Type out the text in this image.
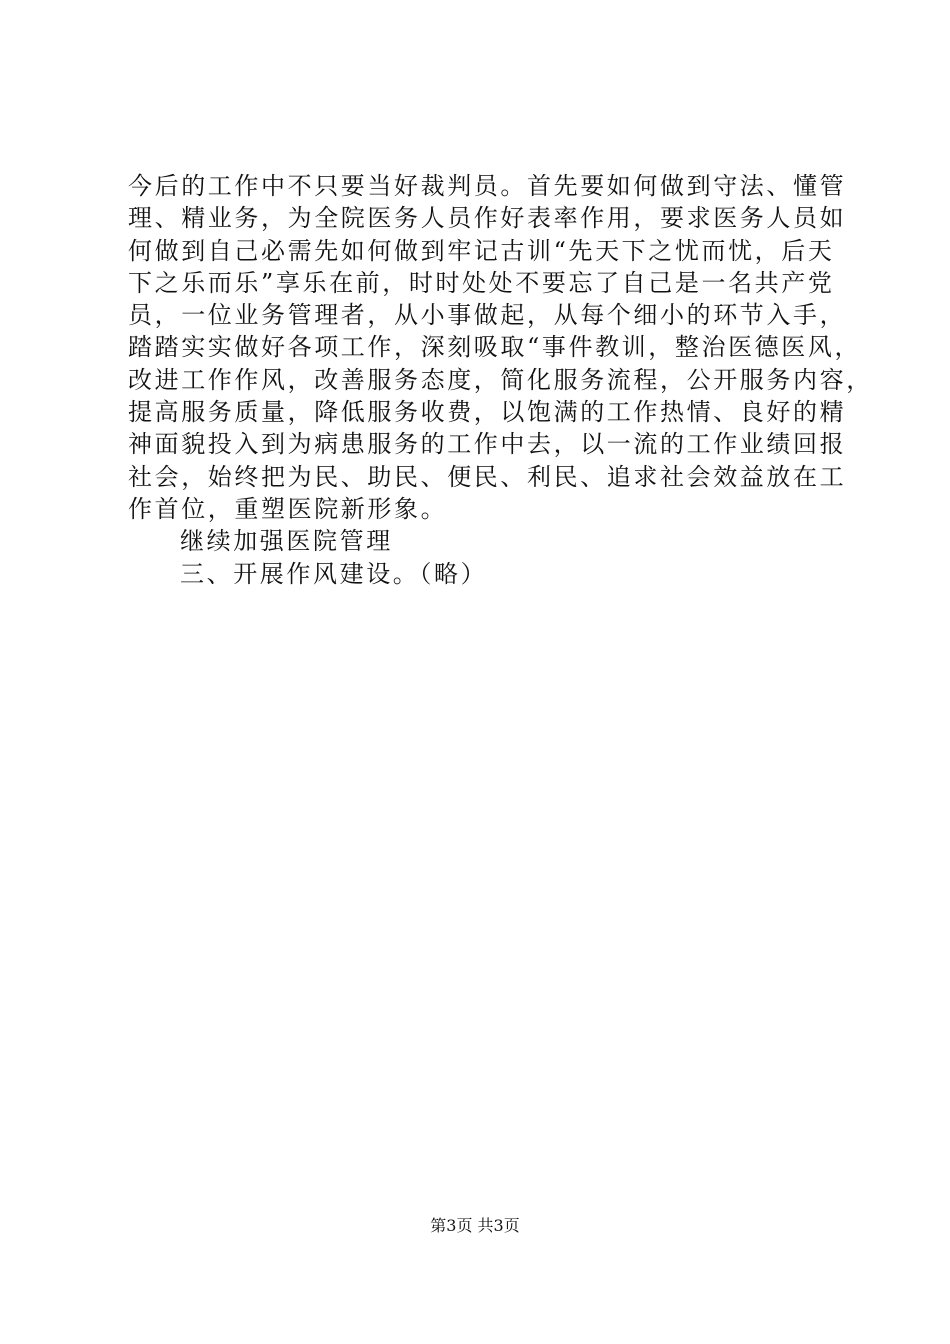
今后的工作中不只要当好裁判员。首先要如何做到守法、懂管
理、精业务，为全院医务人员作好表率作用，要求医务人员如
何做到自己必需先如何做到牢记古训“先天下之忧而忧，后天
下之乐而乐”享乐在前，时时处处不要忘了自己是一名共产党
员，一位业务管理者，从小事做起，从每个细小的环节入手，
踏踏实实做好各项工作，深刻吸取“事件教训，整治医德医风，
改进工作作风，改善服务态度，简化服务流程，公开服务内容，
提高服务质量，降低服务收费，以饱满的工作热情、良好的精
神面貌投入到为病患服务的工作中去，以一流的工作业绩回报
社会，始终把为民、助民、便民、利民、追求社会效益放在工
作首位，重塑医院新形象。
继续加强医院管理
三、开展作风建设。（略）
第3页 共3页
